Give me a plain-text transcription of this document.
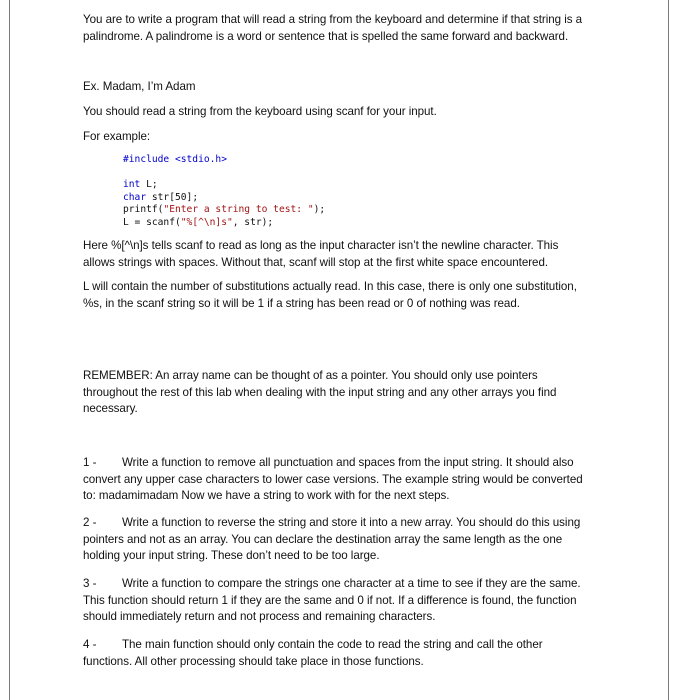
You are to write a program that will read a string from the keyboard and determine if that string is a palindrome. A palindrome is a word or sentence that is spelled the same forward and backward.

Ex. Madam, I’m Adam

You should read a string from the keyboard using scanf for your input.

For example:

#include <stdio.h>
int L;
char str[50];
printf("Enter a string to test: ");
L = scanf("%[^\n]s", str);

Here %[^\n]s tells scanf to read as long as the input character isn’t the newline character. This allows strings with spaces. Without that, scanf will stop at the first white space encountered.

L will contain the number of substitutions actually read. In this case, there is only one substitution, %s, in the scanf string so it will be 1 if a string has been read or 0 of nothing was read.

REMEMBER: An array name can be thought of as a pointer. You should only use pointers throughout the rest of this lab when dealing with the input string and any other arrays you find necessary.

1 - Write a function to remove all punctuation and spaces from the input string. It should also convert any upper case characters to lower case versions. The example string would be converted to: madamimadam Now we have a string to work with for the next steps.

2 - Write a function to reverse the string and store it into a new array. You should do this using pointers and not as an array. You can declare the destination array the same length as the one holding your input string. These don’t need to be too large.

3 - Write a function to compare the strings one character at a time to see if they are the same. This function should return 1 if they are the same and 0 if not. If a difference is found, the function should immediately return and not process and remaining characters.

4 - The main function should only contain the code to read the string and call the other functions. All other processing should take place in those functions.
